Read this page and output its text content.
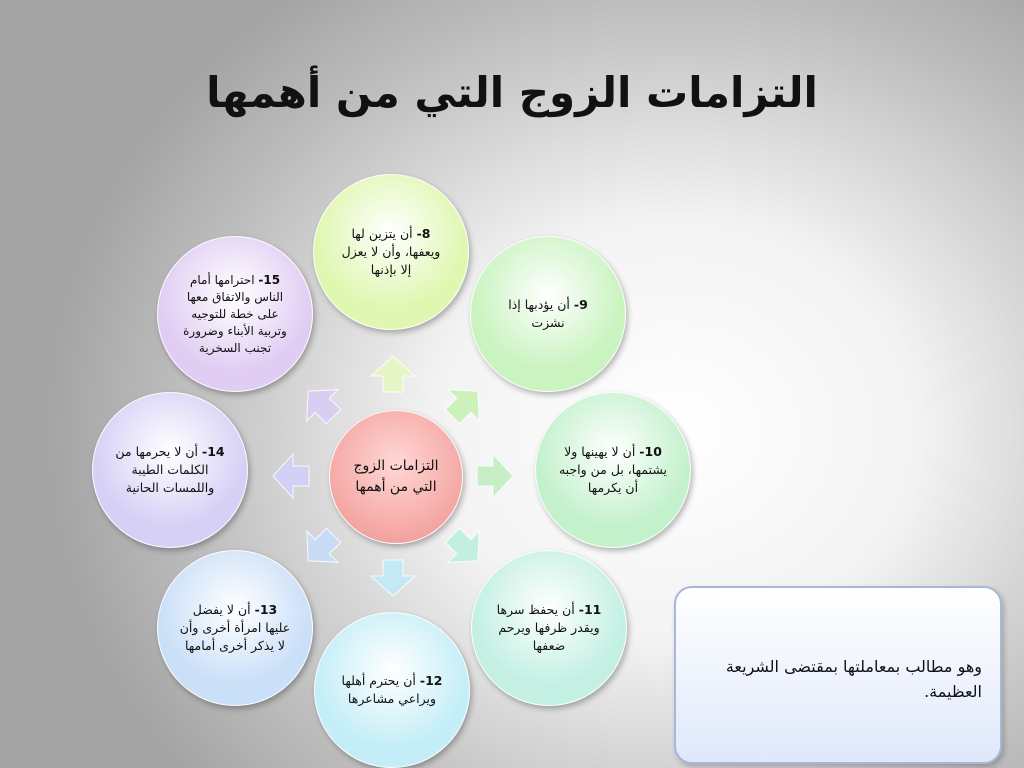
التزامات الزوج التي من أهمها
التزامات الزوج التي من أهمها
8- أن يتزين لها ويعفها، وأن لا يعزل إلا بإذنها
9- أن يؤدبها إذا نشزت
10- أن لا يهينها ولا يشتمها، بل من واجبه أن يكرمها
11- أن يحفظ سرها ويقدر ظرفها ويرحم ضعفها
12- أن يحترم أهلها ويراعي مشاعرها
13- أن لا يفضل عليها امرأة أخرى وأن لا يذكر أخرى أمامها
14- أن لا يحرمها من الكلمات الطيبة واللمسات الحانية
15- احترامها أمام الناس والاتفاق معها على خطة للتوجيه وتربية الأبناء وضرورة تجنب السخرية
وهو مطالب بمعاملتها بمقتضى الشريعة العظيمة.
